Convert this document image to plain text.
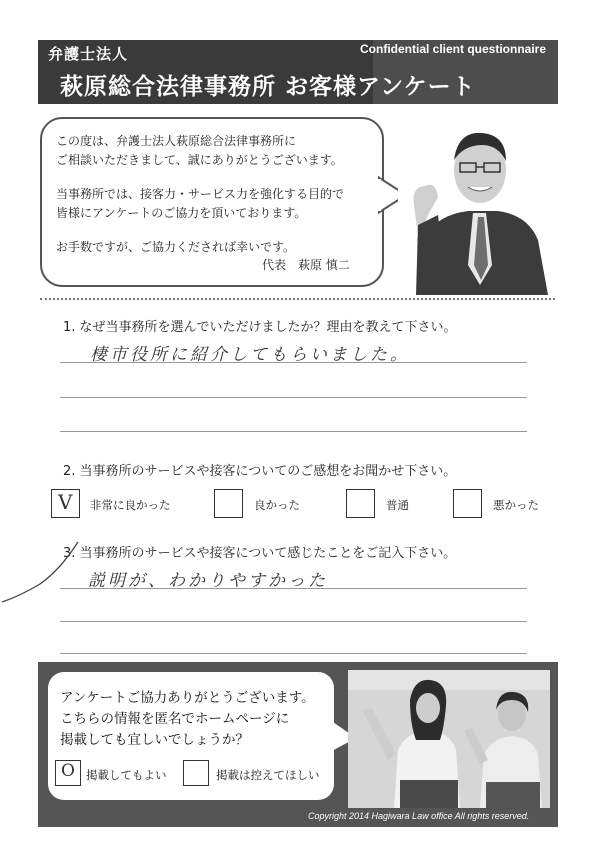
弁護士法人	Confidential client questionnaire
萩原総合法律事務所 お客様アンケート
この度は、弁護士法人萩原総合法律事務所に
ご相談いただきまして、誠にありがとうございます。
当事務所では、接客力・サービス力を強化する目的で
皆様にアンケートのご協力を頂いております。
お手数ですが、ご協力くだされば幸いです。
代表　萩原 慎二
1. なぜ当事務所を選んでいただけましたか？理由を教えて下さい。
棲市役所に紹介してもらいました。
2. 当事務所のサービスや接客についてのご感想をお聞かせ下さい。
V 非常に良かった	良かった	普通	悪かった
3. 当事務所のサービスや接客について感じたことをご記入下さい。
説明が、わかりやすかった
アンケートご協力ありがとうございます。
こちらの情報を匿名でホームページに
掲載しても宜しいでしょうか？
O 掲載してもよい	掲載は控えてほしい
Copyright 2014 Hagiwara Law office All rights reserved.
